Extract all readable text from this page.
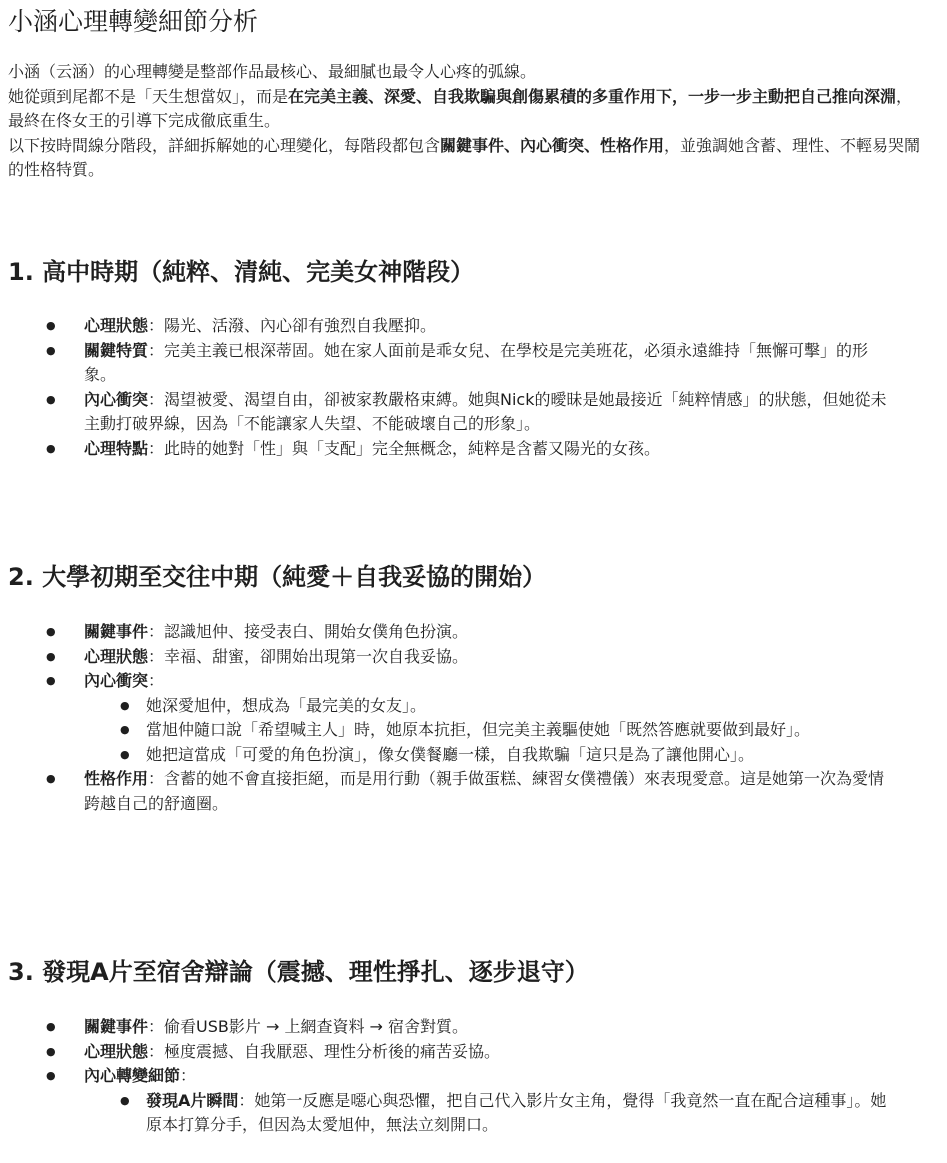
小涵心理轉變細節分析

小涵（云涵）的心理轉變是整部作品最核心、最細膩也最令人心疼的弧線。

她從頭到尾都不是「天生想當奴」，而是在完美主義、深愛、自我欺騙與創傷累積的多重作用下，一步一步主動把自己推向深淵，最終在佟女王的引導下完成徹底重生。

以下按時間線分階段，詳細拆解她的心理變化，每階段都包含關鍵事件、內心衝突、性格作用，並強調她含蓄、理性、不輕易哭鬧的性格特質。

1. 高中時期（純粹、清純、完美女神階段）
● 心理狀態：陽光、活潑、內心卻有強烈自我壓抑。
● 關鍵特質：完美主義已根深蒂固。她在家人面前是乖女兒、在學校是完美班花，必須永遠維持「無懈可擊」的形象。
● 內心衝突：渴望被愛、渴望自由，卻被家教嚴格束縛。她與Nick的曖昧是她最接近「純粹情感」的狀態，但她從未主動打破界線，因為「不能讓家人失望、不能破壞自己的形象」。
● 心理特點：此時的她對「性」與「支配」完全無概念，純粹是含蓄又陽光的女孩。
2. 大學初期至交往中期（純愛＋自我妥協的開始）
● 關鍵事件：認識旭仲、接受表白、開始女僕角色扮演。
● 心理狀態：幸福、甜蜜，卻開始出現第一次自我妥協。
● 內心衝突：
● 她深愛旭仲，想成為「最完美的女友」。
● 當旭仲隨口說「希望喊主人」時，她原本抗拒，但完美主義驅使她「既然答應就要做到最好」。
● 她把這當成「可愛的角色扮演」，像女僕餐廳一樣，自我欺騙「這只是為了讓他開心」。
● 性格作用：含蓄的她不會直接拒絕，而是用行動（親手做蛋糕、練習女僕禮儀）來表現愛意。這是她第一次為愛情跨越自己的舒適圈。
3. 發現A片至宿舍辯論（震撼、理性掙扎、逐步退守）
● 關鍵事件：偷看USB影片 → 上網查資料 → 宿舍對質。
● 心理狀態：極度震撼、自我厭惡、理性分析後的痛苦妥協。
● 內心轉變細節：
● 發現A片瞬間：她第一反應是噁心與恐懼，把自己代入影片女主角，覺得「我竟然一直在配合這種事」。她原本打算分手，但因為太愛旭仲，無法立刻開口。
